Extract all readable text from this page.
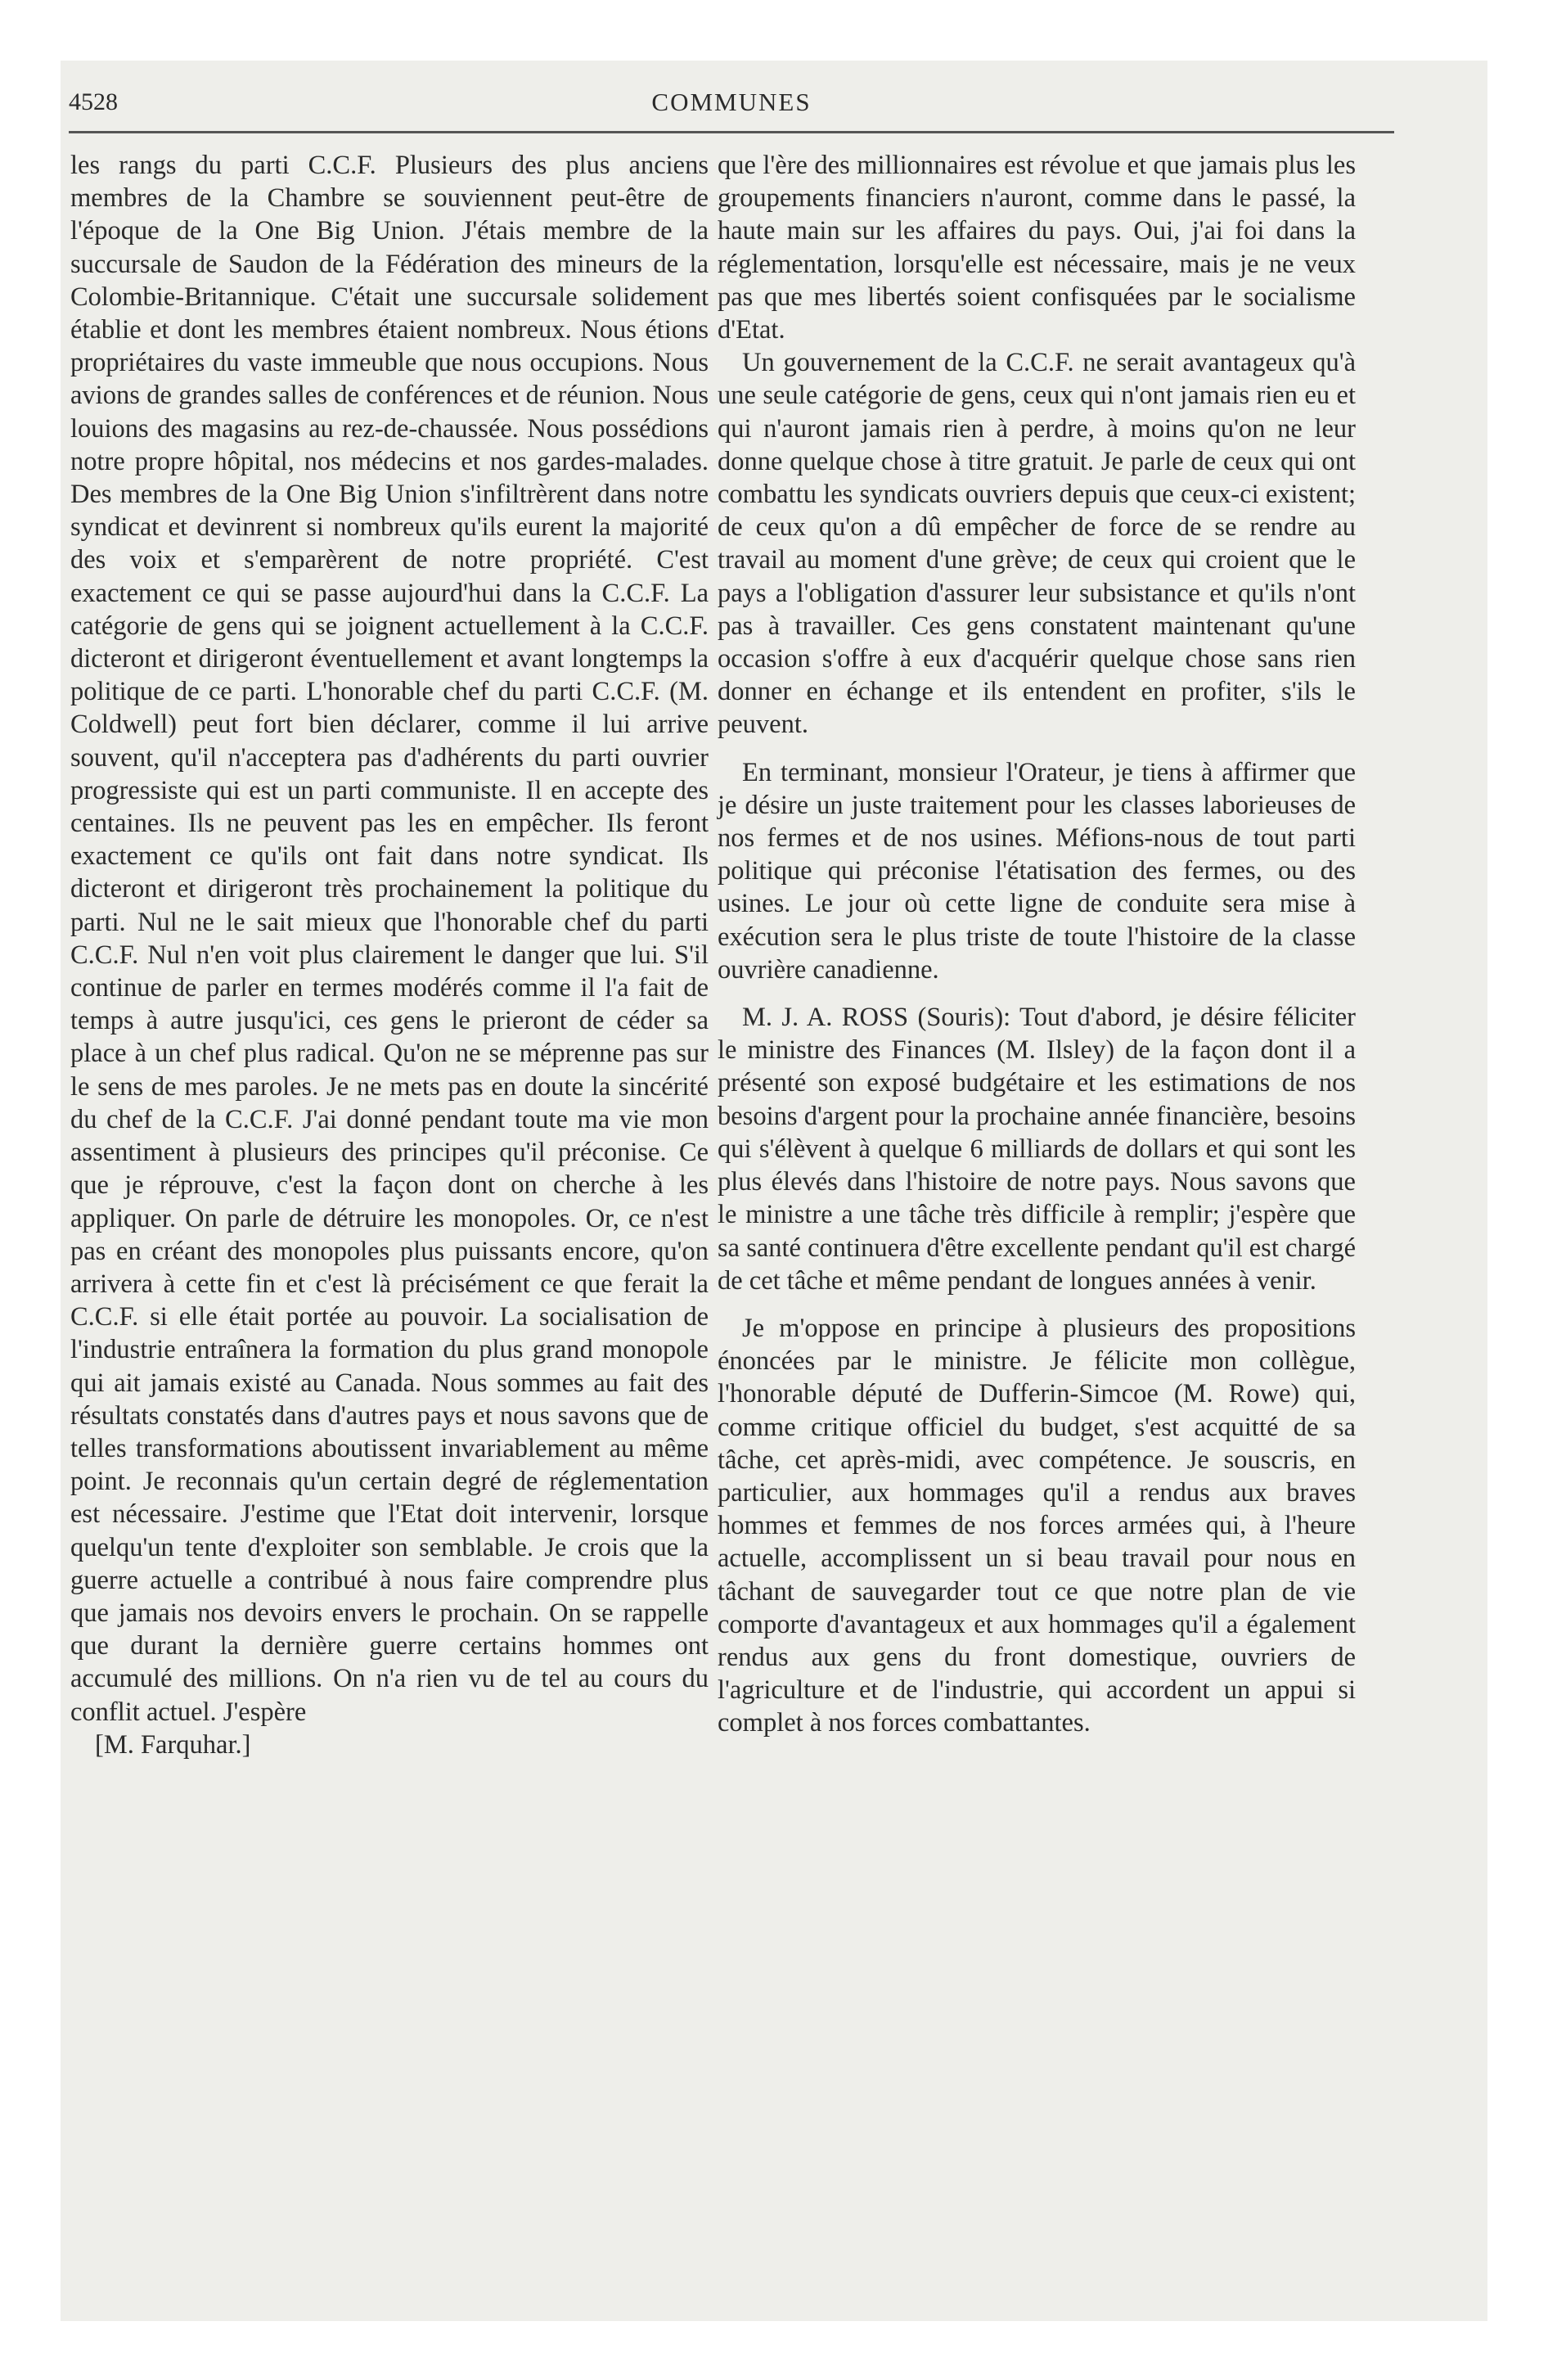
4528	COMMUNES

les rangs du parti C.C.F. Plusieurs des plus anciens membres de la Chambre se souviennent peut-être de l'époque de la One Big Union. J'étais membre de la succursale de Saudon de la Fédération des mineurs de la Colombie-Britannique. C'était une succursale solidement établie et dont les membres étaient nombreux. Nous étions propriétaires du vaste immeuble que nous occupions. Nous avions de grandes salles de conférences et de réunion. Nous louions des magasins au rez-de-chaussée. Nous possédions notre propre hôpital, nos médecins et nos gardes-malades. Des membres de la One Big Union s'infiltrèrent dans notre syndicat et devinrent si nombreux qu'ils eurent la majorité des voix et s'emparèrent de notre propriété. C'est exactement ce qui se passe aujourd'hui dans la C.C.F. La catégorie de gens qui se joignent actuellement à la C.C.F. dicteront et dirigeront éventuellement et avant longtemps la politique de ce parti. L'honorable chef du parti C.C.F. (M. Coldwell) peut fort bien déclarer, comme il lui arrive souvent, qu'il n'acceptera pas d'adhérents du parti ouvrier progressiste qui est un parti communiste. Il en accepte des centaines. Ils ne peuvent pas les en empêcher. Ils feront exactement ce qu'ils ont fait dans notre syndicat. Ils dicteront et dirigeront très prochainement la politique du parti. Nul ne le sait mieux que l'honorable chef du parti C.C.F. Nul n'en voit plus clairement le danger que lui. S'il continue de parler en termes modérés comme il l'a fait de temps à autre jusqu'ici, ces gens le prieront de céder sa place à un chef plus radical. Qu'on ne se méprenne pas sur le sens de mes paroles. Je ne mets pas en doute la sincérité du chef de la C.C.F. J'ai donné pendant toute ma vie mon assentiment à plusieurs des principes qu'il préconise. Ce que je réprouve, c'est la façon dont on cherche à les appliquer. On parle de détruire les monopoles. Or, ce n'est pas en créant des monopoles plus puissants encore, qu'on arrivera à cette fin et c'est là précisément ce que ferait la C.C.F. si elle était portée au pouvoir. La socialisation de l'industrie entraînera la formation du plus grand monopole qui ait jamais existé au Canada. Nous sommes au fait des résultats constatés dans d'autres pays et nous savons que de telles transformations aboutissent invariablement au même point. Je reconnais qu'un certain degré de réglementation est nécessaire. J'estime que l'Etat doit intervenir, lorsque quelqu'un tente d'exploiter son semblable. Je crois que la guerre actuelle a contribué à nous faire comprendre plus que jamais nos devoirs envers le prochain. On se rappelle que durant la dernière guerre certains hommes ont accumulé des millions. On n'a rien vu de tel au cours du conflit actuel. J'espère

[M. Farquhar.]

que l'ère des millionnaires est révolue et que jamais plus les groupements financiers n'auront, comme dans le passé, la haute main sur les affaires du pays. Oui, j'ai foi dans la réglementation, lorsqu'elle est nécessaire, mais je ne veux pas que mes libertés soient confisquées par le socialisme d'Etat.

Un gouvernement de la C.C.F. ne serait avantageux qu'à une seule catégorie de gens, ceux qui n'ont jamais rien eu et qui n'auront jamais rien à perdre, à moins qu'on ne leur donne quelque chose à titre gratuit. Je parle de ceux qui ont combattu les syndicats ouvriers depuis que ceux-ci existent; de ceux qu'on a dû empêcher de force de se rendre au travail au moment d'une grève; de ceux qui croient que le pays a l'obligation d'assurer leur subsistance et qu'ils n'ont pas à travailler. Ces gens constatent maintenant qu'une occasion s'offre à eux d'acquérir quelque chose sans rien donner en échange et ils entendent en profiter, s'ils le peuvent.

En terminant, monsieur l'Orateur, je tiens à affirmer que je désire un juste traitement pour les classes laborieuses de nos fermes et de nos usines. Méfions-nous de tout parti politique qui préconise l'étatisation des fermes, ou des usines. Le jour où cette ligne de conduite sera mise à exécution sera le plus triste de toute l'histoire de la classe ouvrière canadienne.

M. J. A. ROSS (Souris): Tout d'abord, je désire féliciter le ministre des Finances (M. Ilsley) de la façon dont il a présenté son exposé budgétaire et les estimations de nos besoins d'argent pour la prochaine année financière, besoins qui s'élèvent à quelque 6 milliards de dollars et qui sont les plus élevés dans l'histoire de notre pays. Nous savons que le ministre a une tâche très difficile à remplir; j'espère que sa santé continuera d'être excellente pendant qu'il est chargé de cet tâche et même pendant de longues années à venir.

Je m'oppose en principe à plusieurs des propositions énoncées par le ministre. Je félicite mon collègue, l'honorable député de Dufferin-Simcoe (M. Rowe) qui, comme critique officiel du budget, s'est acquitté de sa tâche, cet après-midi, avec compétence. Je souscris, en particulier, aux hommages qu'il a rendus aux braves hommes et femmes de nos forces armées qui, à l'heure actuelle, accomplissent un si beau travail pour nous en tâchant de sauvegarder tout ce que notre plan de vie comporte d'avantageux et aux hommages qu'il a également rendus aux gens du front domestique, ouvriers de l'agriculture et de l'industrie, qui accordent un appui si complet à nos forces combattantes.
